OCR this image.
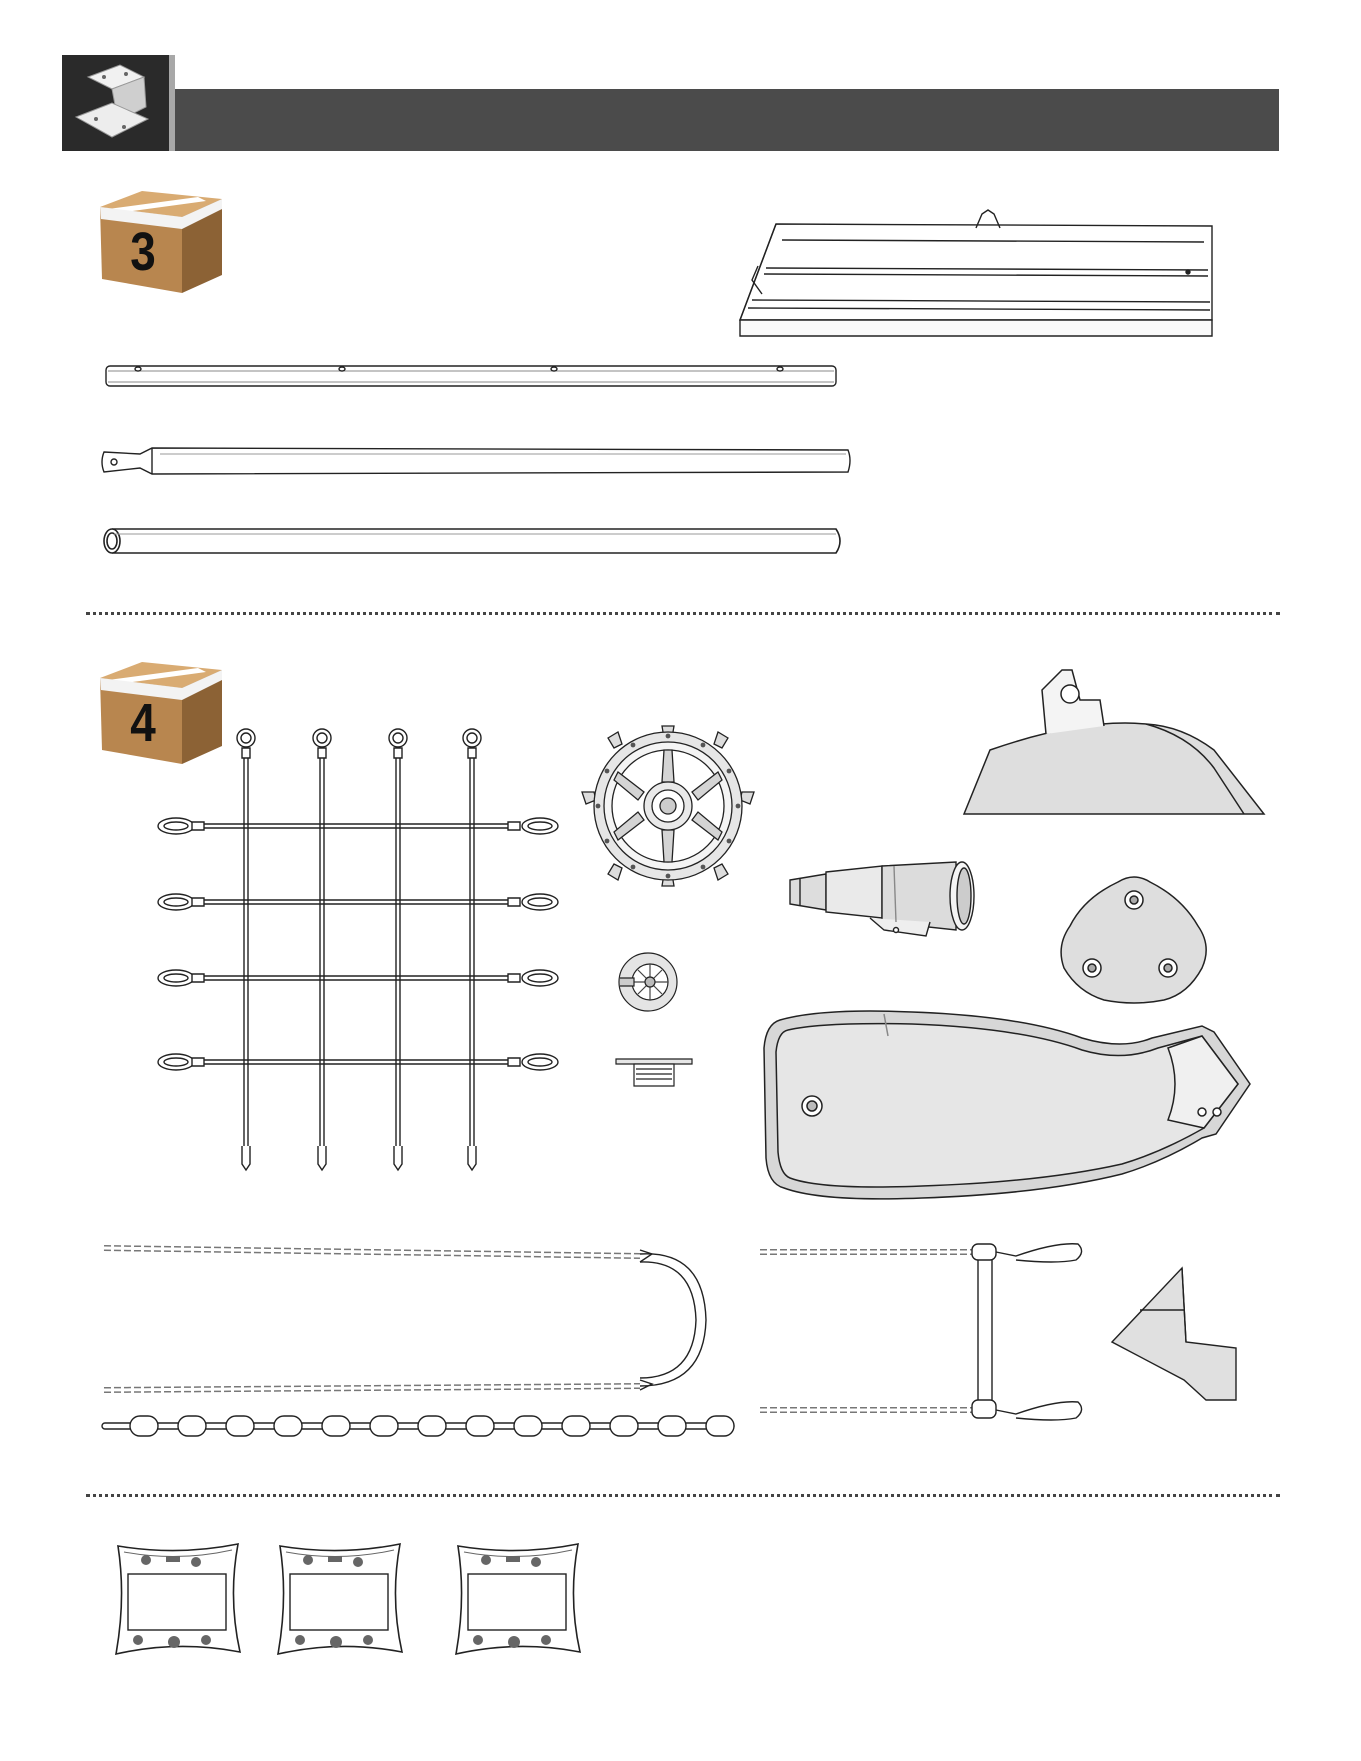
3
4
